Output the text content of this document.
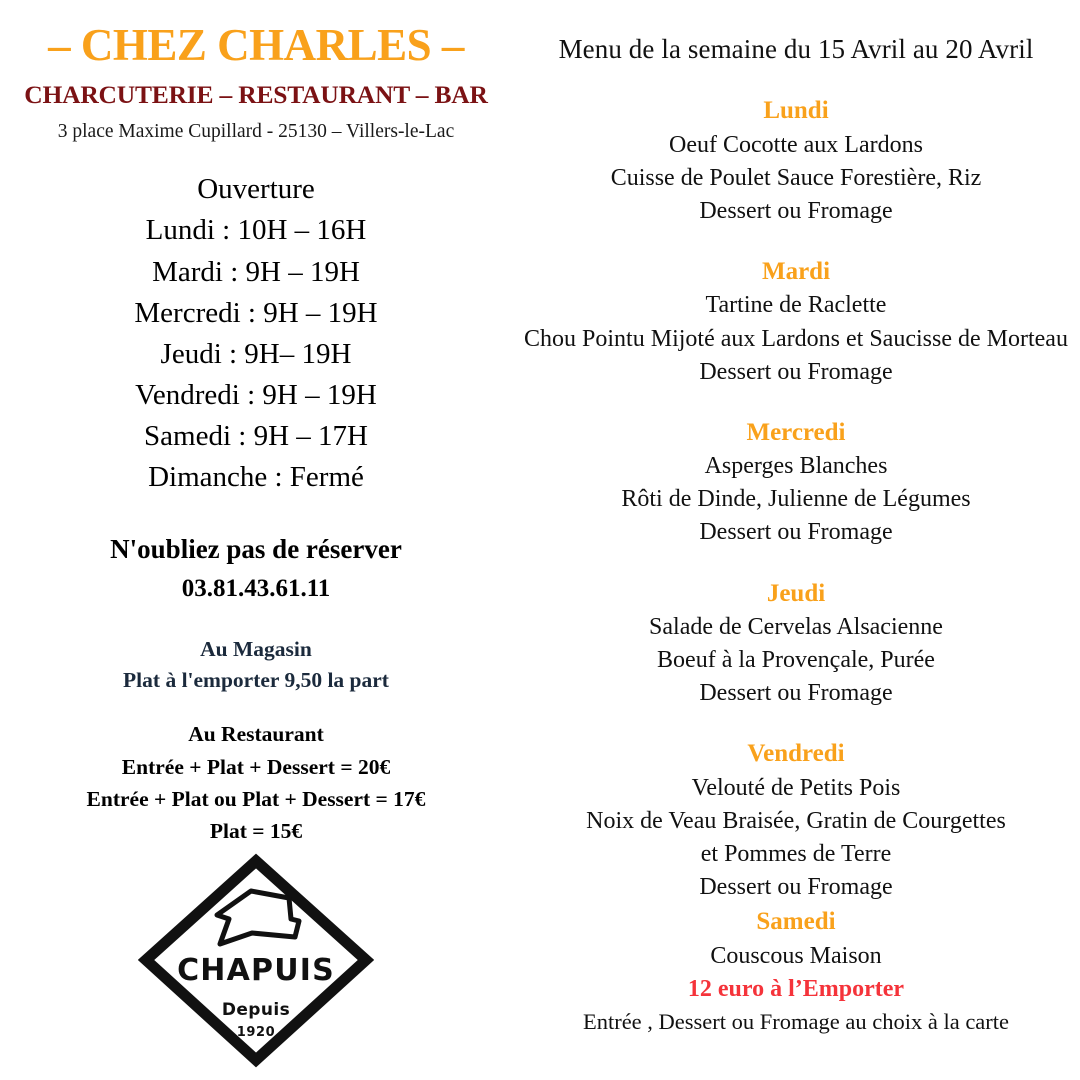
– CHEZ CHARLES –
CHARCUTERIE – RESTAURANT – BAR
3 place Maxime Cupillard - 25130 – Villers-le-Lac
Ouverture
Lundi : 10H – 16H
Mardi : 9H – 19H
Mercredi : 9H – 19H
Jeudi : 9H– 19H
Vendredi : 9H – 19H
Samedi : 9H – 17H
Dimanche : Fermé
N'oubliez pas de réserver
03.81.43.61.11
Au Magasin
Plat à l'emporter 9,50 la part
Au Restaurant
Entrée + Plat + Dessert = 20€
Entrée + Plat ou Plat + Dessert = 17€
Plat = 15€
CHAPUIS
Depuis
1920
Menu de la semaine du 15 Avril au 20 Avril
Lundi
Oeuf Cocotte aux Lardons
Cuisse de Poulet Sauce Forestière, Riz
Dessert ou Fromage
Mardi
Tartine de Raclette
Chou Pointu Mijoté aux Lardons et Saucisse de Morteau
Dessert ou Fromage
Mercredi
Asperges Blanches
Rôti de Dinde, Julienne de Légumes
Dessert ou Fromage
Jeudi
Salade de Cervelas Alsacienne
Boeuf à la Provençale, Purée
Dessert ou Fromage
Vendredi
Velouté de Petits Pois
Noix de Veau Braisée, Gratin de Courgettes
et Pommes de Terre
Dessert ou Fromage
Samedi
Couscous Maison
12 euro à l’Emporter
Entrée , Dessert ou Fromage au choix à la carte
